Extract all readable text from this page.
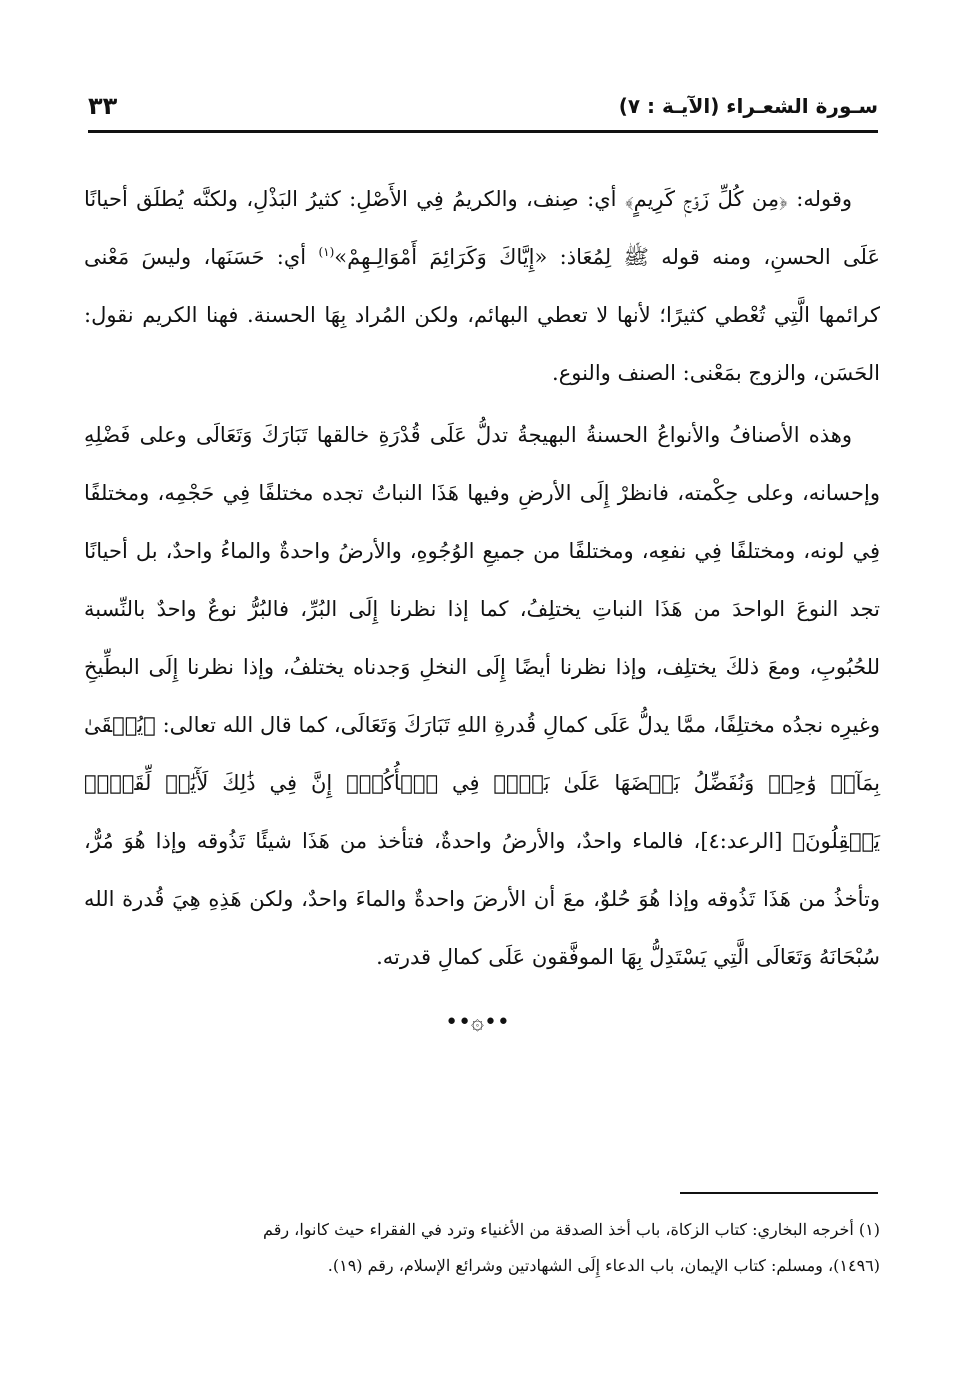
سـورة الشعـراء (الآيـة : ٧)
٣٣

وقوله: ﴿مِن كُلِّ زَوۡجٖ كَرِيمٍ﴾ أي: صِنف، والكريمُ فِي الأَصْلِ: كثيرُ البَذْلِ، ولكنَّه يُطلَق أحيانًا عَلَى الحسنِ، ومنه قوله ﷺ لِمُعَاذ: «إِيَّاكَ وَكَرَائِمَ أَمْوَالِـهِمْ»$^{(١)}$ أي: حَسَنَها، وليسَ مَعْنى كرائمها الَّتِي تُعْطي كثيرًا؛ لأنها لا تعطي البهائم، ولكن المُراد بِهَا الحسنة. فهنا الكريم نقول: الحَسَن، والزوج بمَعْنى: الصنف والنوع.

وهذه الأصنافُ والأنواعُ الحسنةُ البهيجةُ تدلُّ عَلَى قُدْرَةِ خالقها تَبَارَكَ وَتَعَالَى وعلى فَضْلِهِ وإحسانه، وعلى حِكْمته، فانظرْ إِلَى الأرضِ وفيها هَذَا النباتُ تجده مختلفًا فِي حَجْمِه، ومختلفًا فِي لونه، ومختلفًا فِي نفعِه، ومختلفًا من جميعِ الوُجُوهِ، والأرضُ واحدةٌ والماءُ واحدٌ، بل أحيانًا تجد النوعَ الواحدَ من هَذَا النباتِ يختلِفُ، كما إذا نظرنا إِلَى البُرِّ، فالبُرُّ نوعٌ واحدٌ بالنِّسبة للحُبُوبِ، ومعَ ذلكَ يختلِف، وإذا نظرنا أيضًا إِلَى النخلِ وَجدناه يختلفُ، وإذا نظرنا إِلَى البطِّيخِ وغيرِه نجدُه مختلِفًا، ممَّا يدلُّ عَلَى كمالِ قُدرةِ اللهِ تَبَارَكَ وَتَعَالَى، كما قال الله تعالى: ﴿يُسۡقَىٰ بِمَآءٖ وَٰحِدٖ وَنُفَضِّلُ بَعۡضَهَا عَلَىٰ بَعۡضٖ فِي ٱلۡأُكُلِۚ إِنَّ فِي ذَٰلِكَ لَأٓيَٰتٖ لِّقَوۡمٖ يَعۡقِلُونَ﴾ [الرعد:٤]، فالماء واحدٌ، والأرضُ واحدةٌ، فتأخذ من هَذَا شيئًا تَذُوقه وإذا هُوَ مُرٌّ، وتأخذُ من هَذَا تَذُوقه وإذا هُوَ حُلوٌ، معَ أن الأرضَ واحدةٌ والماءَ واحدٌ، ولكن هَذِهِ هِيَ قُدرة الله سُبْحَانَهُ وَتَعَالَى الَّتِي يَسْتَدِلُّ بِهَا الموفَّقون عَلَى كمالِ قدرته.

••۞••

(١) أخرجه البخاري: كتاب الزكاة، باب أخذ الصدقة من الأغنياء وترد في الفقراء حيث كانوا، رقم

(١٤٩٦)، ومسلم: كتاب الإيمان، باب الدعاء إِلَى الشهادتين وشرائع الإسلام، رقم (١٩).
